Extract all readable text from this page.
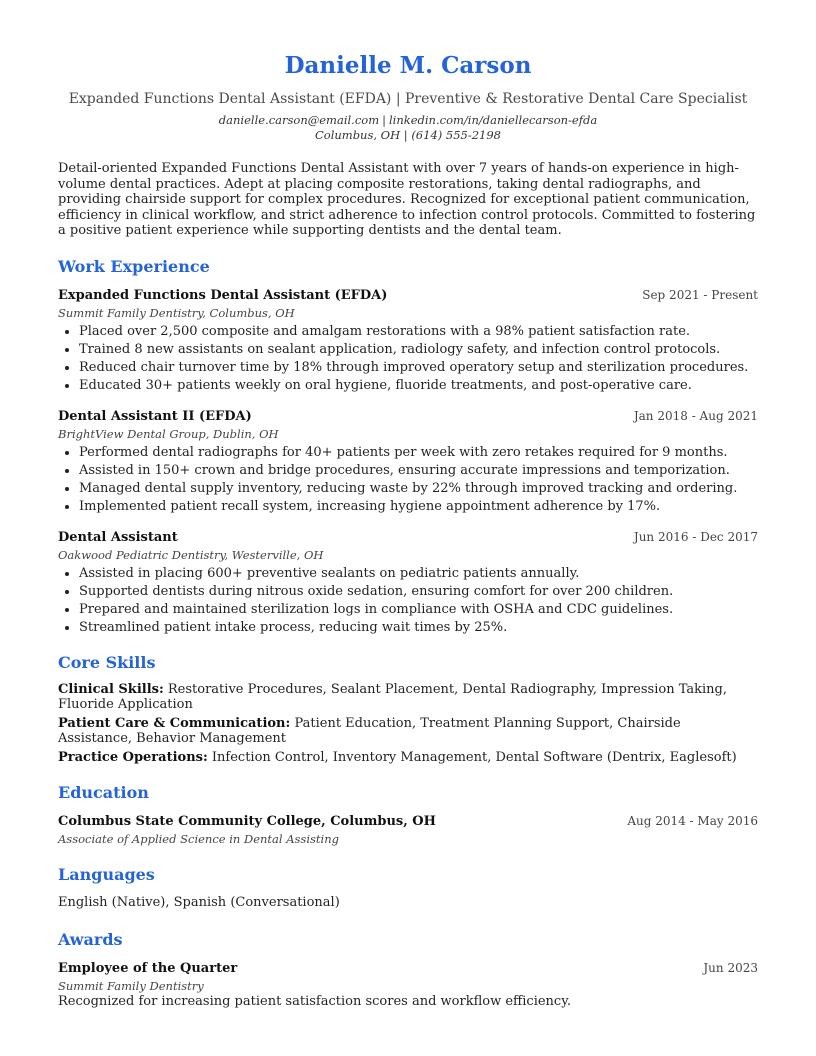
Danielle M. Carson
Expanded Functions Dental Assistant (EFDA) | Preventive & Restorative Dental Care Specialist
danielle.carson@email.com | linkedin.com/in/daniellecarson-efda
Columbus, OH | (614) 555-2198
Detail-oriented Expanded Functions Dental Assistant with over 7 years of hands-on experience in high-volume dental practices. Adept at placing composite restorations, taking dental radiographs, and providing chairside support for complex procedures. Recognized for exceptional patient communication, efficiency in clinical workflow, and strict adherence to infection control protocols. Committed to fostering a positive patient experience while supporting dentists and the dental team.
Work Experience
Expanded Functions Dental Assistant (EFDA)	Sep 2021 - Present
Summit Family Dentistry, Columbus, OH
• Placed over 2,500 composite and amalgam restorations with a 98% patient satisfaction rate.
• Trained 8 new assistants on sealant application, radiology safety, and infection control protocols.
• Reduced chair turnover time by 18% through improved operatory setup and sterilization procedures.
• Educated 30+ patients weekly on oral hygiene, fluoride treatments, and post-operative care.
Dental Assistant II (EFDA)	Jan 2018 - Aug 2021
BrightView Dental Group, Dublin, OH
• Performed dental radiographs for 40+ patients per week with zero retakes required for 9 months.
• Assisted in 150+ crown and bridge procedures, ensuring accurate impressions and temporization.
• Managed dental supply inventory, reducing waste by 22% through improved tracking and ordering.
• Implemented patient recall system, increasing hygiene appointment adherence by 17%.
Dental Assistant	Jun 2016 - Dec 2017
Oakwood Pediatric Dentistry, Westerville, OH
• Assisted in placing 600+ preventive sealants on pediatric patients annually.
• Supported dentists during nitrous oxide sedation, ensuring comfort for over 200 children.
• Prepared and maintained sterilization logs in compliance with OSHA and CDC guidelines.
• Streamlined patient intake process, reducing wait times by 25%.
Core Skills
Clinical Skills: Restorative Procedures, Sealant Placement, Dental Radiography, Impression Taking, Fluoride Application
Patient Care & Communication: Patient Education, Treatment Planning Support, Chairside Assistance, Behavior Management
Practice Operations: Infection Control, Inventory Management, Dental Software (Dentrix, Eaglesoft)
Education
Columbus State Community College, Columbus, OH	Aug 2014 - May 2016
Associate of Applied Science in Dental Assisting
Languages
English (Native), Spanish (Conversational)
Awards
Employee of the Quarter	Jun 2023
Summit Family Dentistry
Recognized for increasing patient satisfaction scores and workflow efficiency.
